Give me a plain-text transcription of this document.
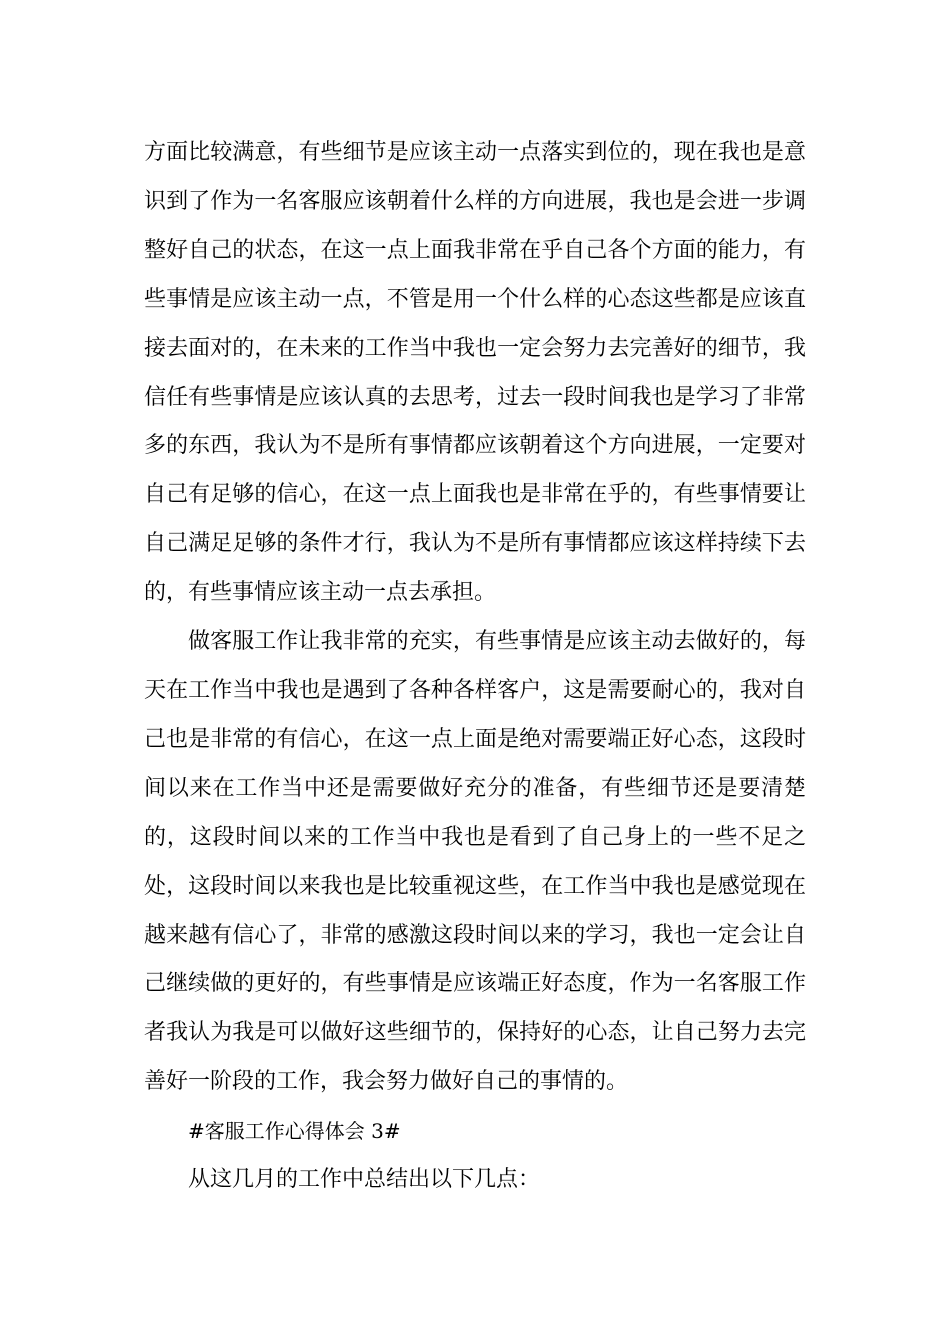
方面比较满意，有些细节是应该主动一点落实到位的，现在我也是意识到了作为一名客服应该朝着什么样的方向进展，我也是会进一步调整好自己的状态，在这一点上面我非常在乎自己各个方面的能力，有些事情是应该主动一点，不管是用一个什么样的心态这些都是应该直接去面对的，在未来的工作当中我也一定会努力去完善好的细节，我信任有些事情是应该认真的去思考，过去一段时间我也是学习了非常多的东西，我认为不是所有事情都应该朝着这个方向进展，一定要对自己有足够的信心，在这一点上面我也是非常在乎的，有些事情要让自己满足足够的条件才行，我认为不是所有事情都应该这样持续下去的，有些事情应该主动一点去承担。

做客服工作让我非常的充实，有些事情是应该主动去做好的，每天在工作当中我也是遇到了各种各样客户，这是需要耐心的，我对自己也是非常的有信心，在这一点上面是绝对需要端正好心态，这段时间以来在工作当中还是需要做好充分的准备，有些细节还是要清楚的，这段时间以来的工作当中我也是看到了自己身上的一些不足之处，这段时间以来我也是比较重视这些，在工作当中我也是感觉现在越来越有信心了，非常的感激这段时间以来的学习，我也一定会让自己继续做的更好的，有些事情是应该端正好态度，作为一名客服工作者我认为我是可以做好这些细节的，保持好的心态，让自己努力去完善好一阶段的工作，我会努力做好自己的事情的。

#客服工作心得体会 3#

从这几月的工作中总结出以下几点：
